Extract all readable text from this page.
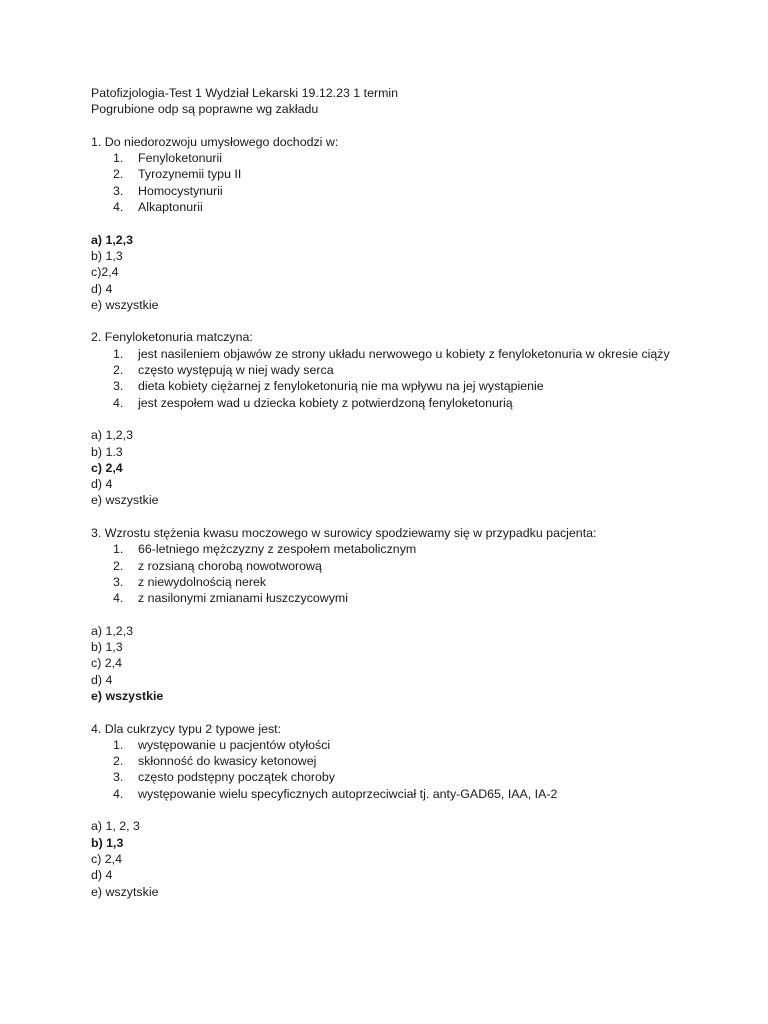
Patofizjologia-Test 1 Wydział Lekarski 19.12.23 1 termin
Pogrubione odp są poprawne wg zakładu
1. Do niedorozwoju umysłowego dochodzi w:
1.	Fenyloketonurii
2.	Tyrozynemii typu II
3.	Homocystynurii
4.	Alkaptonurii
a) 1,2,3
b) 1,3
c)2,4
d) 4
e) wszystkie
2. Fenyloketonuria matczyna:
1.	jest nasileniem objawów ze strony układu nerwowego u kobiety z fenyloketonuria w okresie ciąży
2.	często występują w niej wady serca
3.	dieta kobiety ciężarnej z fenyloketonurią nie ma wpływu na jej wystąpienie
4.	jest zespołem wad u dziecka kobiety z potwierdzoną fenyloketonurią
a) 1,2,3
b) 1.3
c) 2,4
d) 4
e) wszystkie
3. Wzrostu stężenia kwasu moczowego w surowicy spodziewamy się w przypadku pacjenta:
1.	66-letniego mężczyzny z zespołem metabolicznym
2.	z rozsianą chorobą nowotworową
3.	z niewydolnością nerek
4.	z nasilonymi zmianami łuszczycowymi
a) 1,2,3
b) 1,3
c) 2,4
d) 4
e) wszystkie
4. Dla cukrzycy typu 2 typowe jest:
1.	występowanie u pacjentów otyłości
2.	skłonność do kwasicy ketonowej
3.	często podstępny początek choroby
4.	występowanie wielu specyficznych autoprzeciwciał tj. anty-GAD65, IAA, IA-2
a) 1, 2, 3
b) 1,3
c) 2,4
d) 4
e) wszytskie
